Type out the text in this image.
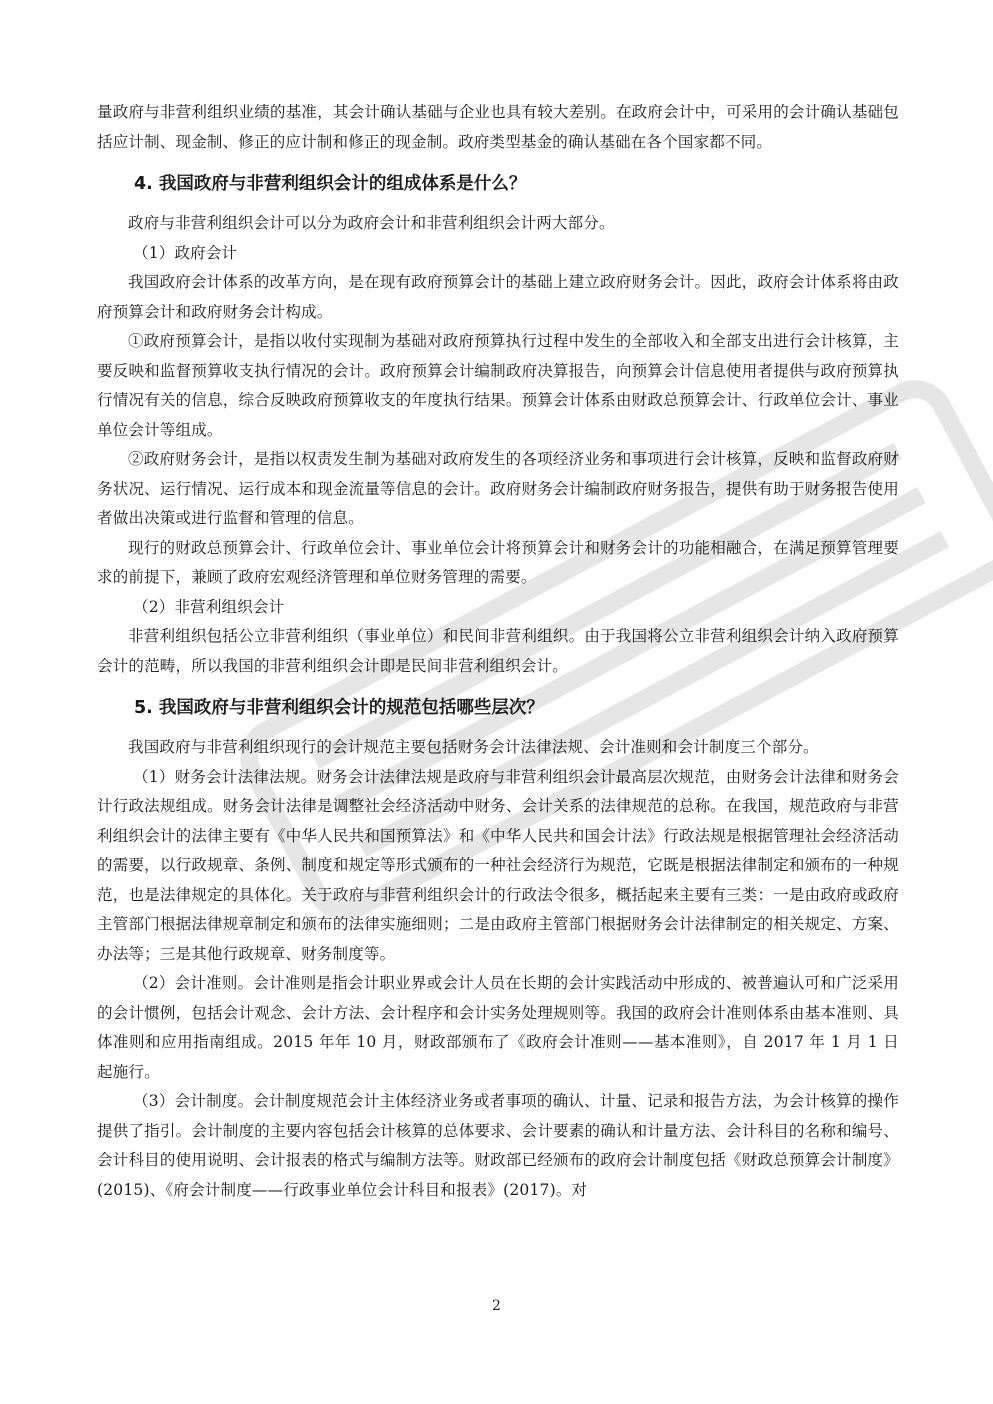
量政府与非营利组织业绩的基准，其会计确认基础与企业也具有较大差别。在政府会计中，可采用的会计确认基础包括应计制、现金制、修正的应计制和修正的现金制。政府类型基金的确认基础在各个国家都不同。

4. 我国政府与非营利组织会计的组成体系是什么？

政府与非营利组织会计可以分为政府会计和非营利组织会计两大部分。

（1）政府会计

我国政府会计体系的改革方向，是在现有政府预算会计的基础上建立政府财务会计。因此，政府会计体系将由政府预算会计和政府财务会计构成。

①政府预算会计，是指以收付实现制为基础对政府预算执行过程中发生的全部收入和全部支出进行会计核算，主要反映和监督预算收支执行情况的会计。政府预算会计编制政府决算报告，向预算会计信息使用者提供与政府预算执行情况有关的信息，综合反映政府预算收支的年度执行结果。预算会计体系由财政总预算会计、行政单位会计、事业单位会计等组成。

②政府财务会计，是指以权责发生制为基础对政府发生的各项经济业务和事项进行会计核算，反映和监督政府财务状况、运行情况、运行成本和现金流量等信息的会计。政府财务会计编制政府财务报告，提供有助于财务报告使用者做出决策或进行监督和管理的信息。

现行的财政总预算会计、行政单位会计、事业单位会计将预算会计和财务会计的功能相融合，在满足预算管理要求的前提下，兼顾了政府宏观经济管理和单位财务管理的需要。

（2）非营利组织会计

非营利组织包括公立非营利组织（事业单位）和民间非营利组织。由于我国将公立非营利组织会计纳入政府预算会计的范畴，所以我国的非营利组织会计即是民间非营利组织会计。

5. 我国政府与非营利组织会计的规范包括哪些层次？

我国政府与非营利组织现行的会计规范主要包括财务会计法律法规、会计准则和会计制度三个部分。

（1）财务会计法律法规。财务会计法律法规是政府与非营利组织会计最高层次规范，由财务会计法律和财务会计行政法规组成。财务会计法律是调整社会经济活动中财务、会计关系的法律规范的总称。在我国，规范政府与非营利组织会计的法律主要有《中华人民共和国预算法》和《中华人民共和国会计法》行政法规是根据管理社会经济活动的需要，以行政规章、条例、制度和规定等形式颁布的一种社会经济行为规范，它既是根据法律制定和颁布的一种规范，也是法律规定的具体化。关于政府与非营利组织会计的行政法令很多，概括起来主要有三类：一是由政府或政府主管部门根据法律规章制定和颁布的法律实施细则；二是由政府主管部门根据财务会计法律制定的相关规定、方案、办法等；三是其他行政规章、财务制度等。

（2）会计准则。会计准则是指会计职业界或会计人员在长期的会计实践活动中形成的、被普遍认可和广泛采用的会计惯例，包括会计观念、会计方法、会计程序和会计实务处理规则等。我国的政府会计准则体系由基本准则、具体准则和应用指南组成。2015 年年 10 月，财政部颁布了《政府会计准则——基本准则》，自 2017 年 1 月 1 日起施行。

（3）会计制度。会计制度规范会计主体经济业务或者事项的确认、计量、记录和报告方法，为会计核算的操作提供了指引。会计制度的主要内容包括会计核算的总体要求、会计要素的确认和计量方法、会计科目的名称和编号、会计科目的使用说明、会计报表的格式与编制方法等。财政部已经颁布的政府会计制度包括《财政总预算会计制度》(2015)、《府会计制度——行政事业单位会计科目和报表》(2017)。对

2
